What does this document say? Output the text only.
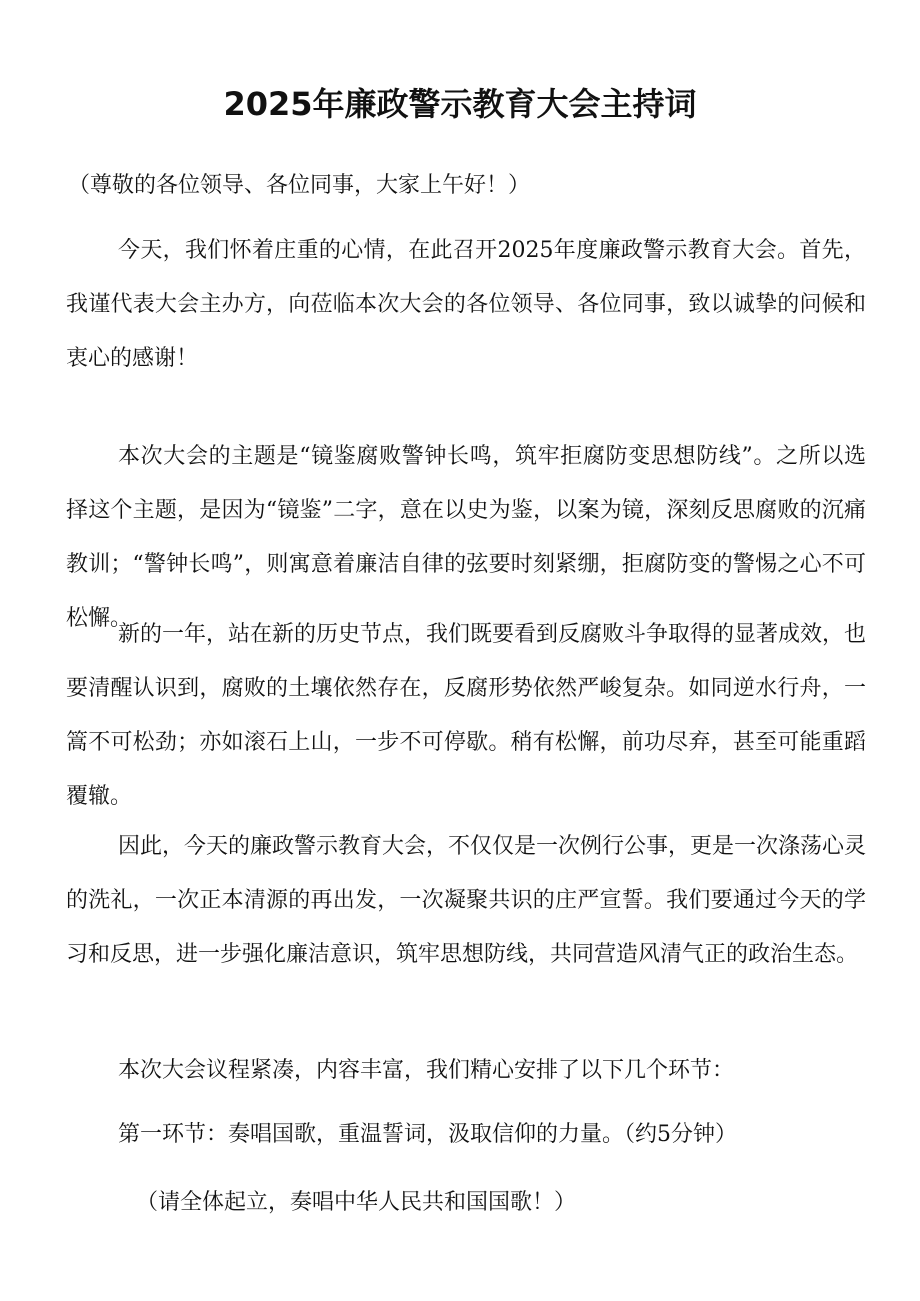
2025年廉政警示教育大会主持词

（尊敬的各位领导、各位同事，大家上午好！）

今天，我们怀着庄重的心情，在此召开2025年度廉政警示教育大会。首先，我谨代表大会主办方，向莅临本次大会的各位领导、各位同事，致以诚挚的问候和衷心的感谢！

本次大会的主题是“镜鉴腐败警钟长鸣，筑牢拒腐防变思想防线”。之所以选择这个主题，是因为“镜鉴”二字，意在以史为鉴，以案为镜，深刻反思腐败的沉痛教训；“警钟长鸣”，则寓意着廉洁自律的弦要时刻紧绷，拒腐防变的警惕之心不可松懈。

新的一年，站在新的历史节点，我们既要看到反腐败斗争取得的显著成效，也要清醒认识到，腐败的土壤依然存在，反腐形势依然严峻复杂。如同逆水行舟，一篙不可松劲；亦如滚石上山，一步不可停歇。稍有松懈，前功尽弃，甚至可能重蹈覆辙。

因此，今天的廉政警示教育大会，不仅仅是一次例行公事，更是一次涤荡心灵的洗礼，一次正本清源的再出发，一次凝聚共识的庄严宣誓。我们要通过今天的学习和反思，进一步强化廉洁意识，筑牢思想防线，共同营造风清气正的政治生态。

本次大会议程紧凑，内容丰富，我们精心安排了以下几个环节：

第一环节：奏唱国歌，重温誓词，汲取信仰的力量。（约5分钟）

（请全体起立，奏唱中华人民共和国国歌！）
